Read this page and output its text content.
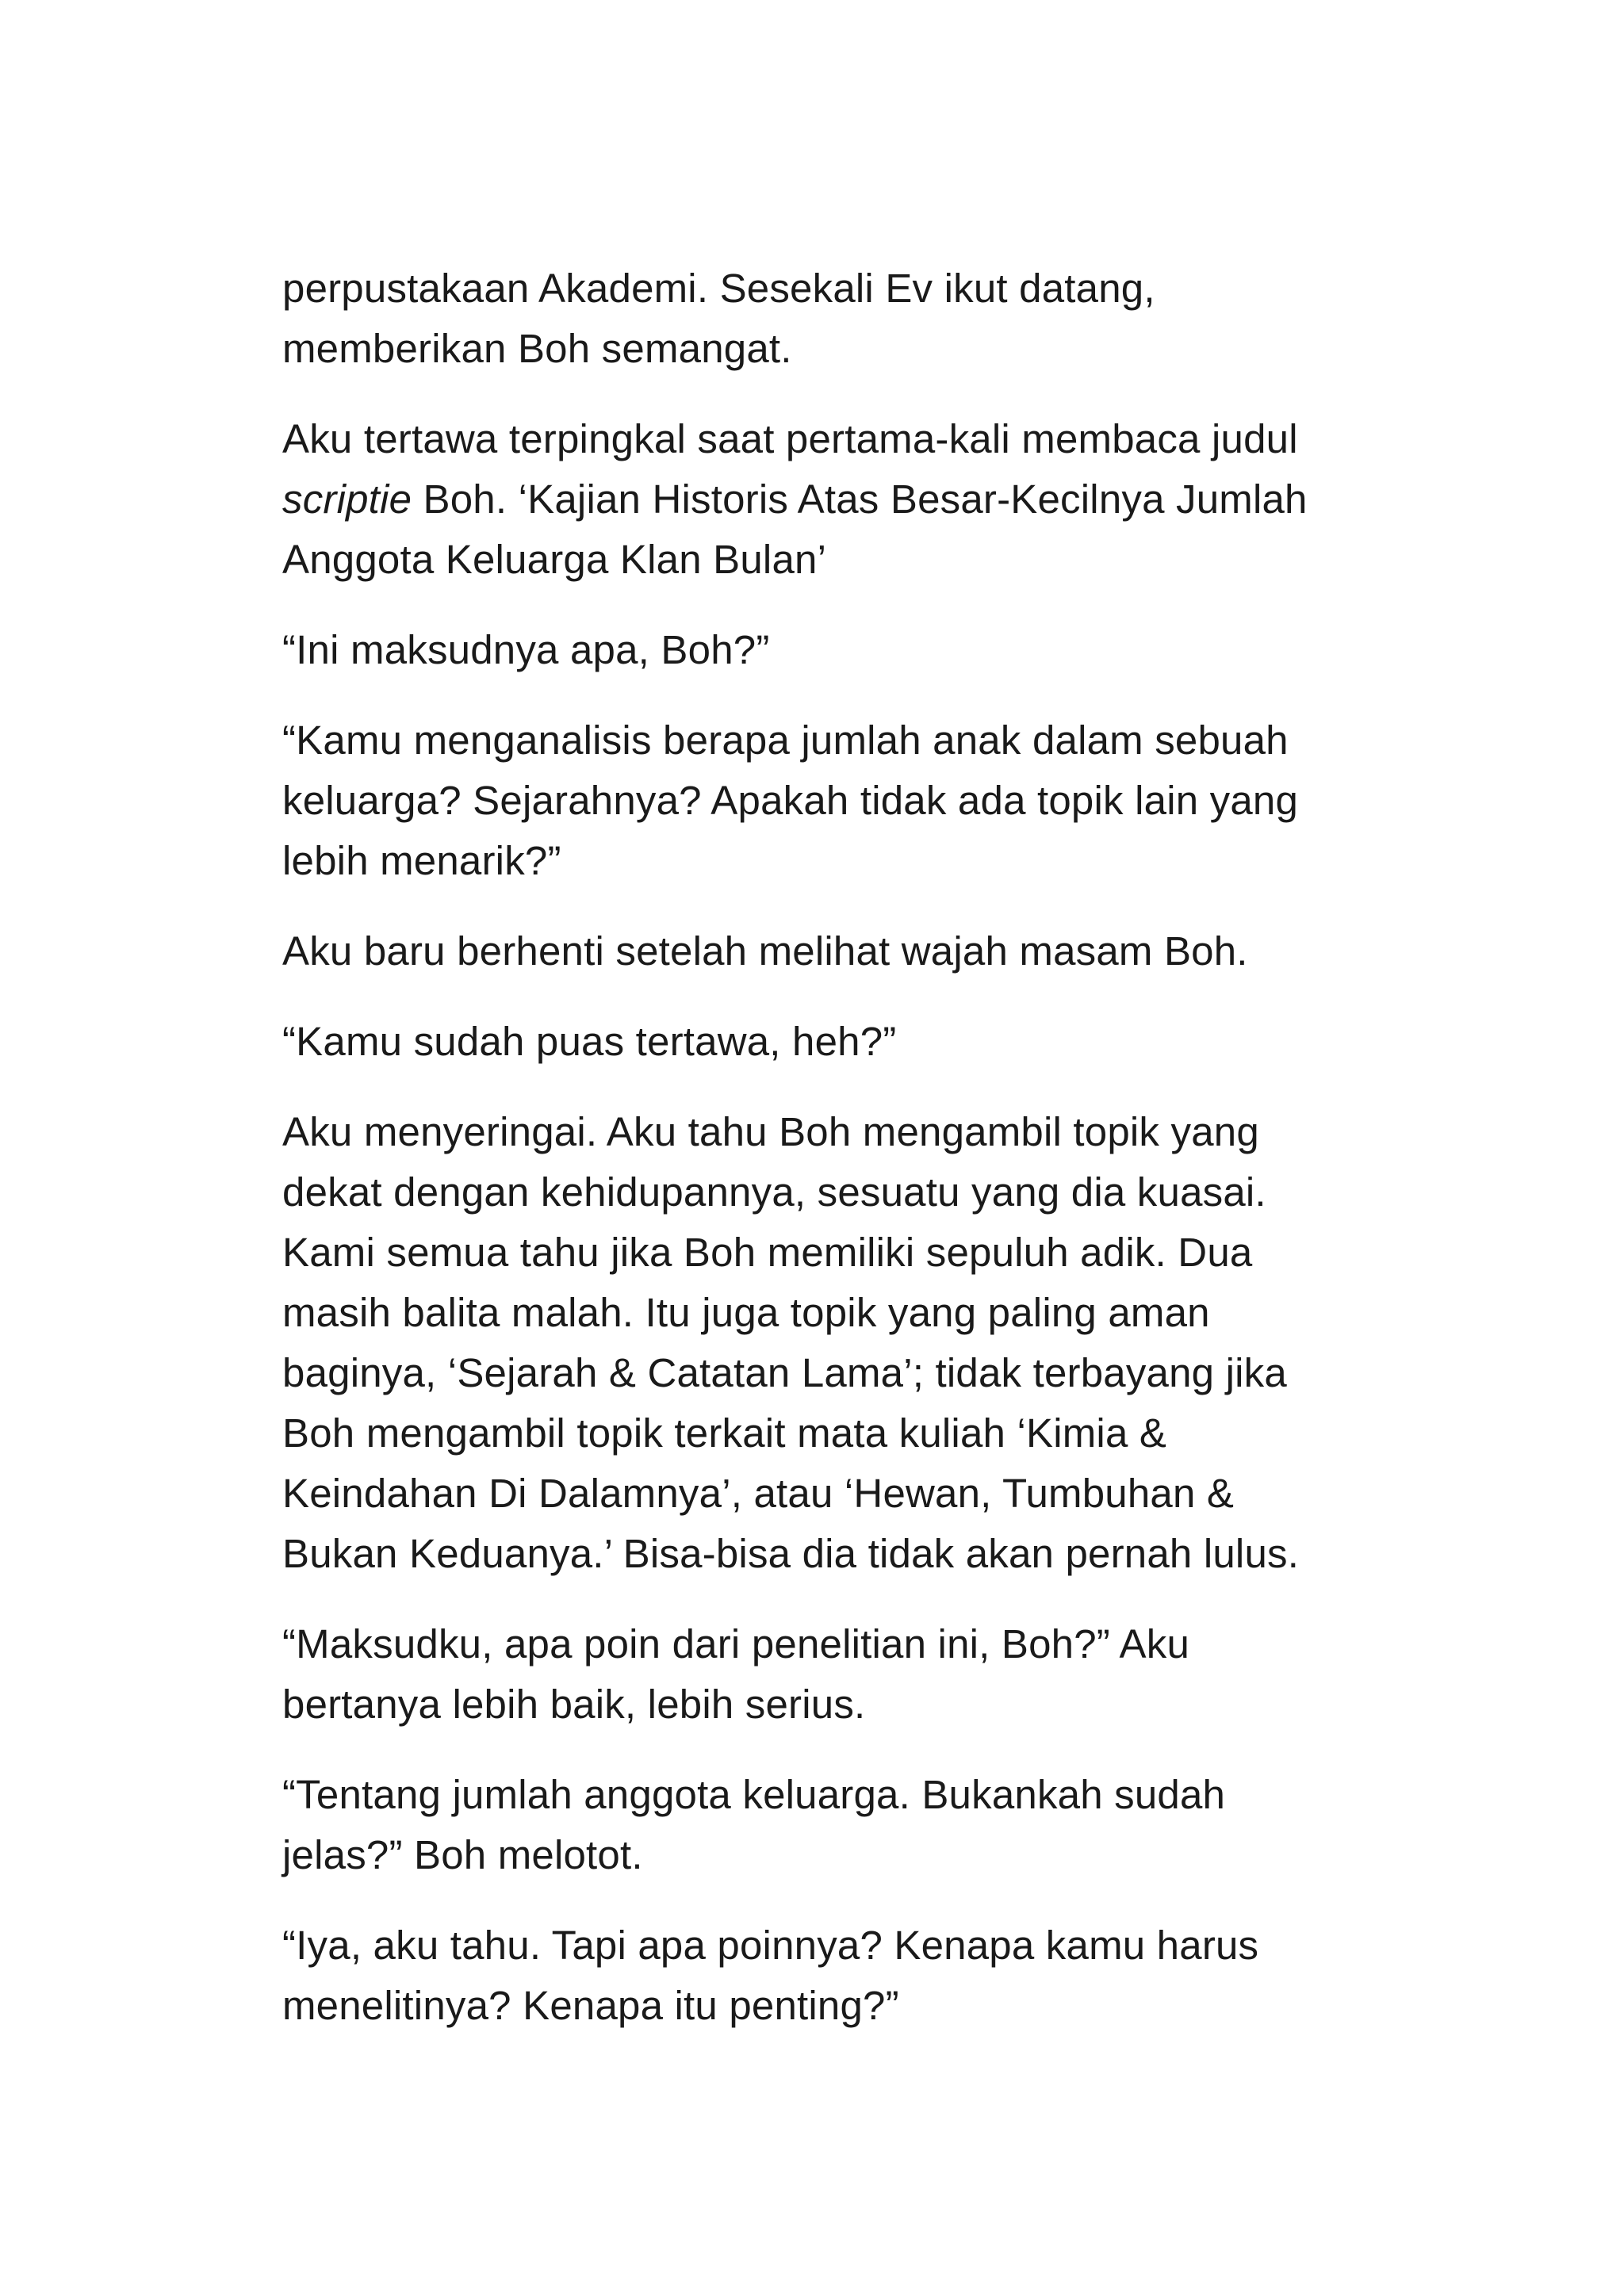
perpustakaan Akademi. Sesekali Ev ikut datang,
memberikan Boh semangat.

Aku tertawa terpingkal saat pertama-kali membaca judul
scriptie Boh. ‘Kajian Historis Atas Besar-Kecilnya Jumlah
Anggota Keluarga Klan Bulan’

“Ini maksudnya apa, Boh?”

“Kamu menganalisis berapa jumlah anak dalam sebuah
keluarga? Sejarahnya? Apakah tidak ada topik lain yang
lebih menarik?”

Aku baru berhenti setelah melihat wajah masam Boh.

“Kamu sudah puas tertawa, heh?”

Aku menyeringai. Aku tahu Boh mengambil topik yang
dekat dengan kehidupannya, sesuatu yang dia kuasai.
Kami semua tahu jika Boh memiliki sepuluh adik. Dua
masih balita malah. Itu juga topik yang paling aman
baginya, ‘Sejarah & Catatan Lama’; tidak terbayang jika
Boh mengambil topik terkait mata kuliah ‘Kimia &
Keindahan Di Dalamnya’, atau ‘Hewan, Tumbuhan &
Bukan Keduanya.’ Bisa-bisa dia tidak akan pernah lulus.

“Maksudku, apa poin dari penelitian ini, Boh?” Aku
bertanya lebih baik, lebih serius.

“Tentang jumlah anggota keluarga. Bukankah sudah
jelas?” Boh melotot.

“Iya, aku tahu. Tapi apa poinnya? Kenapa kamu harus
menelitinya? Kenapa itu penting?”
